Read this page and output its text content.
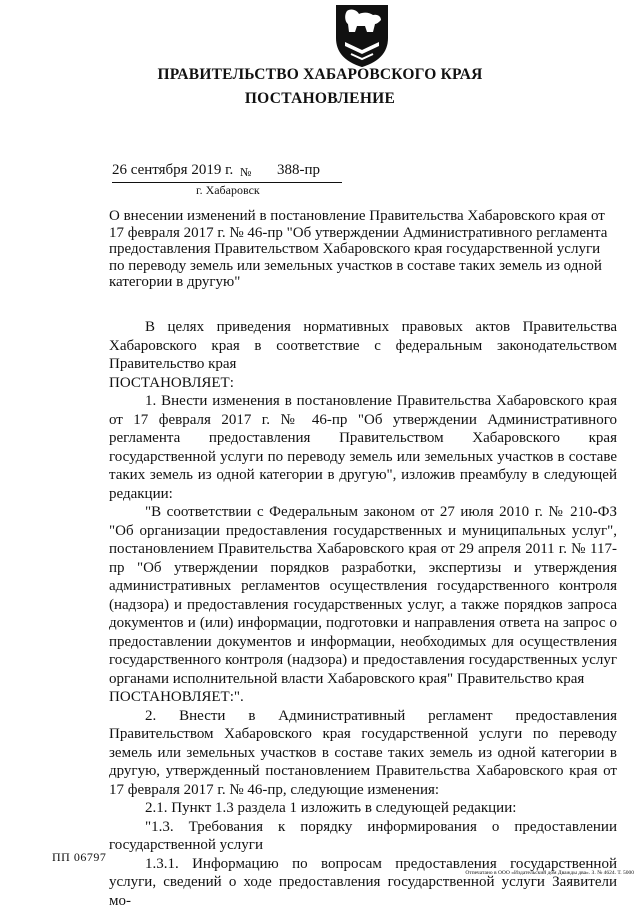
ПРАВИТЕЛЬСТВО ХАБАРОВСКОГО КРАЯ
ПОСТАНОВЛЕНИЕ
26 сентября 2019 г. № 388-пр
г. Хабаровск
О внесении изменений в постановление Правительства Хабаровского края от 17 февраля 2017 г. № 46-пр "Об утверждении Административного регламента предоставления Правительством Хабаровского края государственной услуги по переводу земель или земельных участков в составе таких земель из одной категории в другую"

В целях приведения нормативных правовых актов Правительства Хабаровского края в соответствие с федеральным законодательством Правительство края

ПОСТАНОВЛЯЕТ:

1. Внести изменения в постановление Правительства Хабаровского края от 17 февраля 2017 г. № 46-пр "Об утверждении Административного регламента предоставления Правительством Хабаровского края государственной услуги по переводу земель или земельных участков в составе таких земель из одной категории в другую", изложив преамбулу в следующей редакции:

"В соответствии с Федеральным законом от 27 июля 2010 г. № 210-ФЗ "Об организации предоставления государственных и муниципальных услуг", постановлением Правительства Хабаровского края от 29 апреля 2011 г. № 117-пр "Об утверждении порядков разработки, экспертизы и утверждения административных регламентов осуществления государственного контроля (надзора) и предоставления государственных услуг, а также порядков запроса документов и (или) информации, подготовки и направления ответа на запрос о предоставлении документов и информации, необходимых для осуществления государственного контроля (надзора) и предоставления государственных услуг органами исполнительной власти Хабаровского края" Правительство края

ПОСТАНОВЛЯЕТ:".

2. Внести в Административный регламент предоставления Правительством Хабаровского края государственной услуги по переводу земель или земельных участков в составе таких земель из одной категории в другую, утвержденный постановлением Правительства Хабаровского края от 17 февраля 2017 г. № 46-пр, следующие изменения:

2.1. Пункт 1.3 раздела 1 изложить в следующей редакции:

"1.3. Требования к порядку информирования о предоставлении государственной услуги

1.3.1. Информацию по вопросам предоставления государственной услуги, сведений о ходе предоставления государственной услуги Заявители мо-

ПП 06797
Отпечатано в ООО «Издательский дом Дважды два». З. № 4624. Т. 5000
